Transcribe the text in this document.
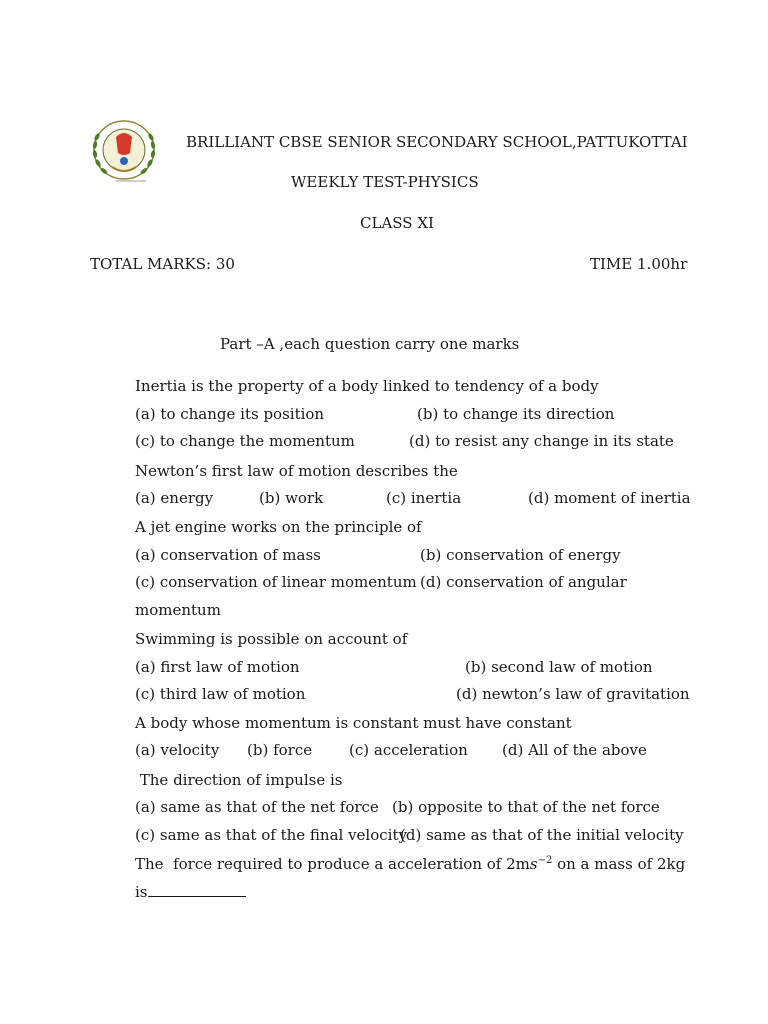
BRILLIANT CBSE SENIOR SECONDARY SCHOOL,PATTUKOTTAI
WEEKLY TEST-PHYSICS
CLASS XI
TOTAL MARKS: 30	TIME 1.00hr
Part –A ,each question carry one marks
Inertia is the property of a body linked to tendency of a body
(a) to change its position	(b) to change its direction
(c) to change the momentum	(d) to resist any change in its state
Newton’s first law of motion describes the
(a) energy	(b) work	(c) inertia	(d) moment of inertia
A jet engine works on the principle of
(a) conservation of mass	(b) conservation of energy
(c) conservation of linear momentum (d) conservation of angular
momentum
Swimming is possible on account of
(a) first law of motion	(b) second law of motion
(c) third law of motion	(d) newton’s law of gravitation
A body whose momentum is constant must have constant
(a) velocity (b) force (c) acceleration (d) All of the above
The direction of impulse is
(a) same as that of the net force (b) opposite to that of the net force
(c) same as that of the final velocity
(d) same as that of the initial velocity
The  force required to produce a acceleration of $2ms^{-2}$ on a mass of 2kg
is
